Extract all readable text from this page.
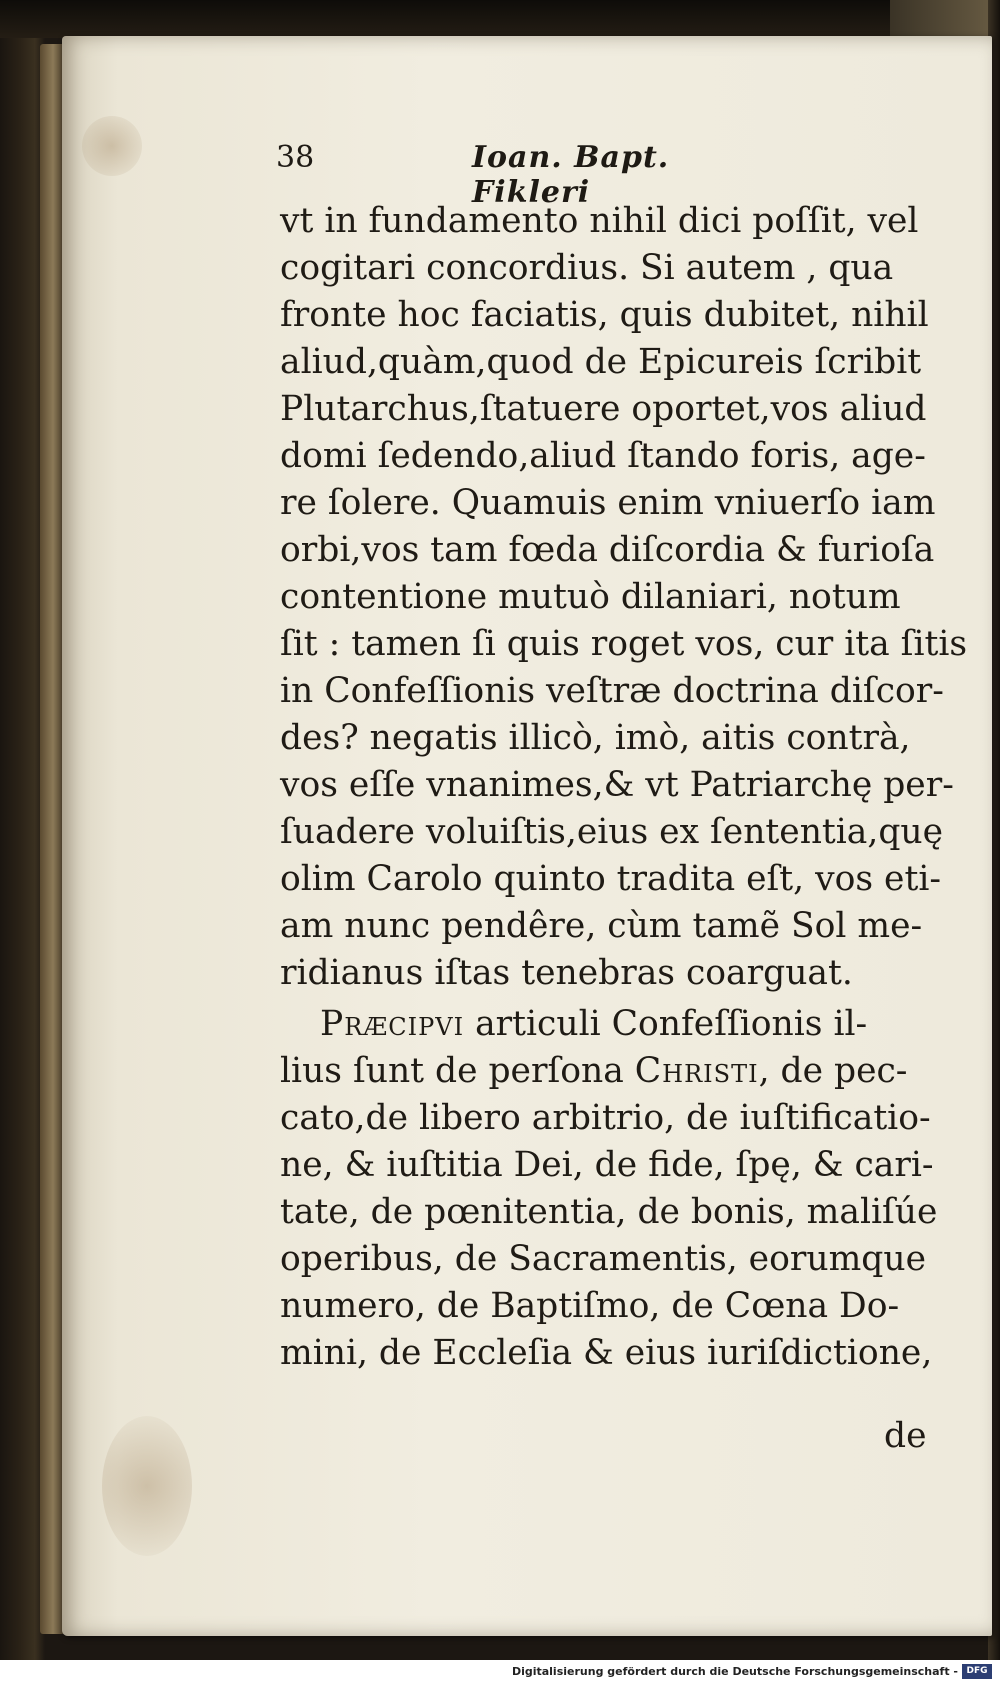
38	Ioan. Bapt. Fikleri
vt in fundamento nihil dici poſſit, vel
cogitari concordius. Si autem , qua
fronte hoc faciatis, quis dubitet, nihil
aliud,quàm,quod de Epicureis ſcribit
Plutarchus,ſtatuere oportet,vos aliud
domi ſedendo,aliud ſtando foris, age-
re ſolere. Quamuis enim vniuerſo iam
orbi,vos tam fœda diſcordia & furioſa
contentione mutuò dilaniari, notum
ſit : tamen ſi quis roget vos, cur ita ſitis
in Confeſſionis veſtræ doctrina diſcor-
des? negatis illicò, imò, aitis contrà,
vos eſſe vnanimes,& vt Patriarchę per-
ſuadere voluiſtis,eius ex ſententia,quę
olim Carolo quinto tradita eſt, vos eti-
am nunc pendêre, cùm tamẽ Sol me-
ridianus iſtas tenebras coarguat.
Præcipvi articuli Confeſſionis il-
lius ſunt de perſona Christi, de pec-
cato,de libero arbitrio, de iuſtificatio-
ne, & iuſtitia Dei, de fide, ſpę, & cari-
tate, de pœnitentia, de bonis, maliſúe
operibus, de Sacramentis, eorumque
numero, de Baptiſmo, de Cœna Do-
mini, de Eccleſia & eius iuriſdictione,
de
Digitalisierung gefördert durch die Deutsche Forschungsgemeinschaft - DFG
